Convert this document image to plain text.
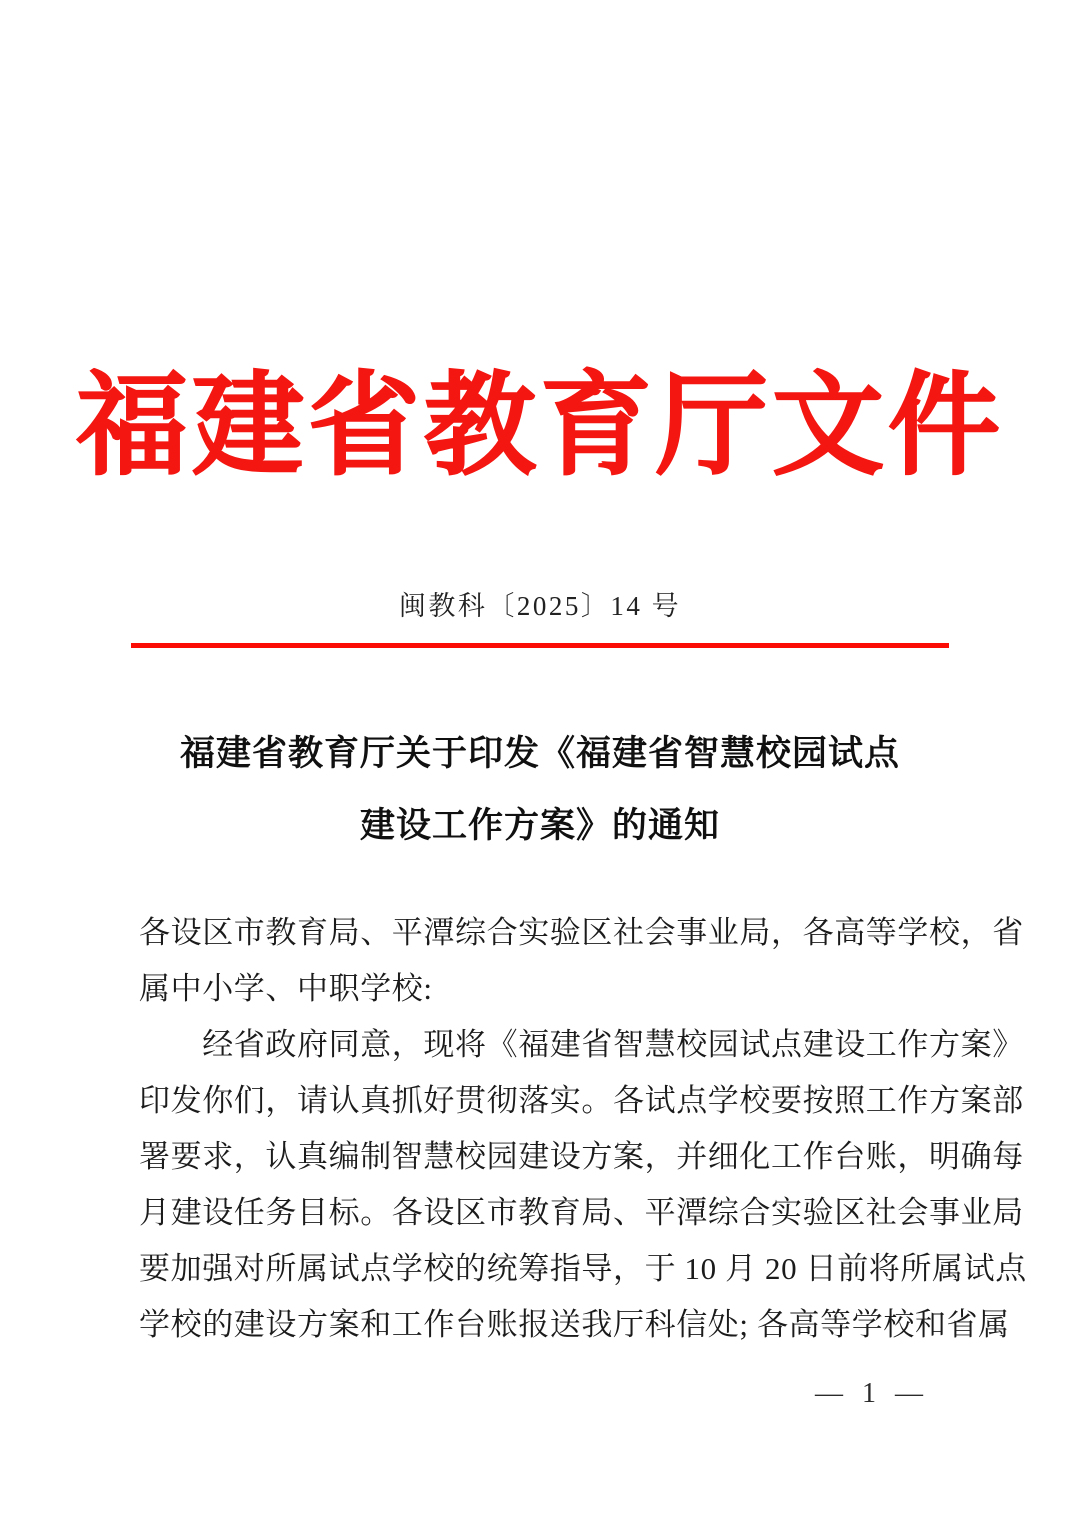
福建省教育厅文件
闽教科〔2025〕14 号
福建省教育厅关于印发《福建省智慧校园试点
建设工作方案》的通知
各设区市教育局、平潭综合实验区社会事业局，各高等学校，省
属中小学、中职学校:
　　经省政府同意，现将《福建省智慧校园试点建设工作方案》
印发你们，请认真抓好贯彻落实。各试点学校要按照工作方案部
署要求，认真编制智慧校园建设方案，并细化工作台账，明确每
月建设任务目标。各设区市教育局、平潭综合实验区社会事业局
要加强对所属试点学校的统筹指导，于 10 月 20 日前将所属试点
学校的建设方案和工作台账报送我厅科信处; 各高等学校和省属
— 1 —
